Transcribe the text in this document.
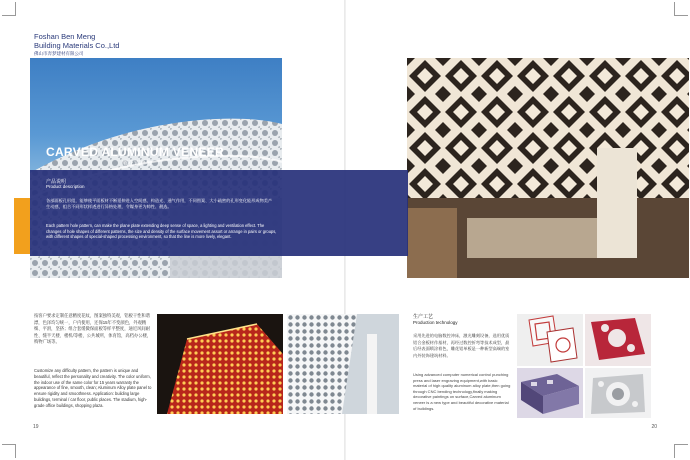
Foshan Ben Meng
Building Materials Co.,Ltd
佛山市奔梦建材有限公司
CARVED ALUMINUM VENEER
雕花铝单板
产品说明
Product description
各部面板孔形组，能够使平面板材不断延伸进入空间感，构造光、通气作用，不同图案、大小疏密的孔形变化能形成物美产生动感，组合不同形状样透进行异格处理，令媒身更为帅性、靓选。
Each pattern hole pattern, can make the plane plate extending deep sense of space, a lighting and ventilation effect. The changes of hole shapes of different patterns, the size and density of the surface movement assort or arrange in pairs or groups, with different shapes of special-shaped processing environment, so that the line is more lively, elegant.
按客户要求定制任意精度花纹，图案独特美观，铝板干性和谐漂，色泽均匀统一，户内使用，还保15年不变颜色，外观精细、平滑，坚挤；组合套缓微保面板等样平整度，通近风间耐性、缝半天楼、楼机/等楼，公共城所，体育馆，高档办公楼，购物广场等。
Customize any difficulty pattern, the pattern is unique and beautiful, reflect the personality and creativity. The color uniform, the indoor use of the same color for 15 years warranty the appearance of fine, smooth, clean; Aluminum Alloy plate panel to ensure rigidity and smoothness. Application: building large buildings, terminal / car floor, public places. The stadium, high-grade office buildings, shopping plaza.
生产工艺
Production technology
采用先进的电脑数控冲床，激光雕刻设备，选用优质铝合金板材作基材，再经过数控折弯等技术成型，最后经表面喷涂着色，雕花铝单板是一种新型高端的室内外装饰建筑材料。
Using advanced computer numerical control punching press and laser engraving equipment,with basic material of high quality aluminum alloy plate,then going through CNC bending technology,finally making decorative paintings on surface,Carved aluminum veneer is a new type and beautiful decorative material of buildings.
19	20
